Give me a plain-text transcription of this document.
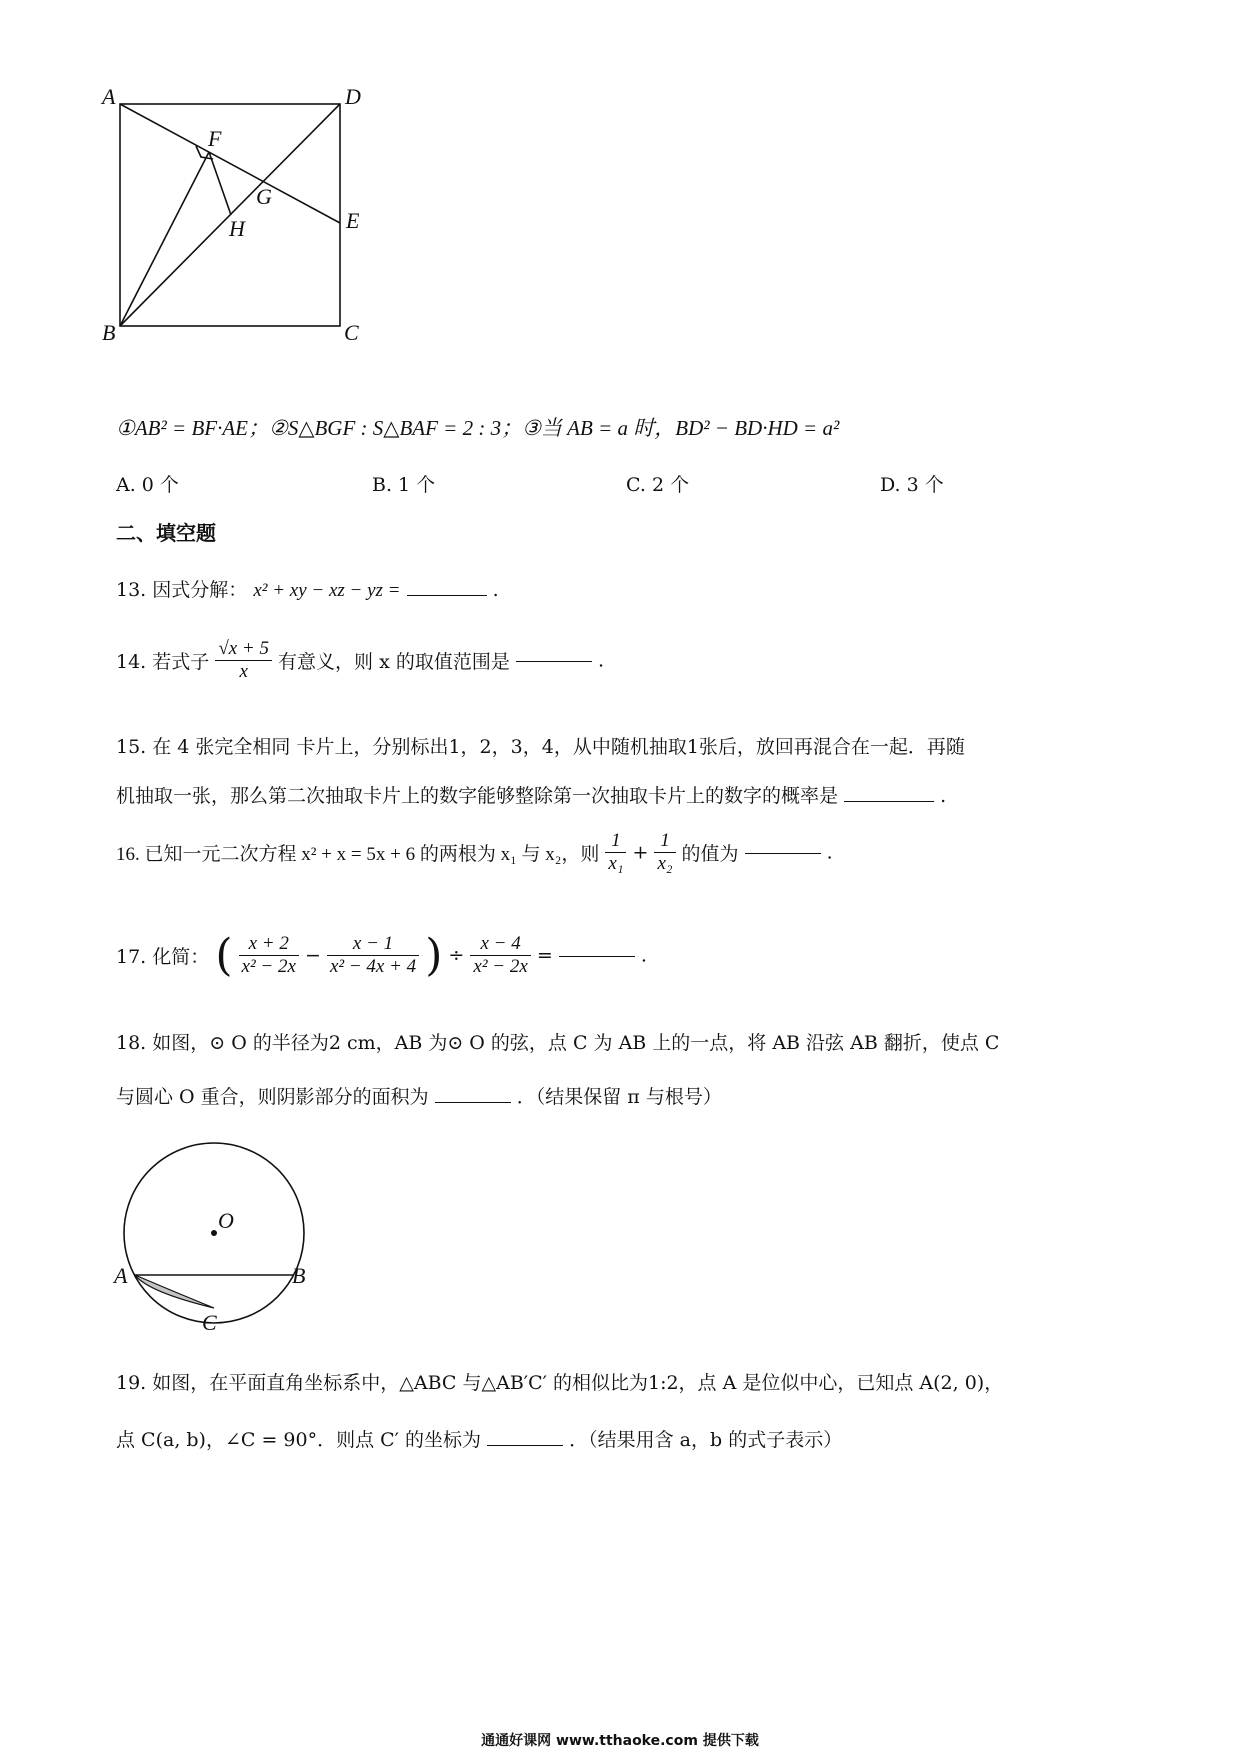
A	D
F
G
E
H
B	C
①AB² = BF·AE；②S△BGF : S△BAF = 2 : 3；③当 AB = a 时，BD² − BD·HD = a²
A. 0 个	B. 1 个	C. 2 个	D. 3 个
二、填空题
13. 因式分解： x² + xy − xz − yz =	.
14. 若式子 $\frac{√x + 5}{x}$ 有意义，则 x 的取值范围是	.
15. 在 4 张完全相同 卡片上，分别标出1，2，3，4，从中随机抽取1张后，放回再混合在一起．再随
机抽取一张，那么第二次抽取卡片上的数字能够整除第一次抽取卡片上的数字的概率是	.
16. 已知一元二次方程 x² + x = 5x + 6 的两根为 x₁ 与 x₂，则 $\frac{1}{\text{x₁}} + \frac{1}{\text{x₂}}$ 的值为	.
17. 化简： ( $\frac{x + 2}{\text{x² − 2x}} - \frac{x - 1}{\text{x² − 4x + 4}}$ ) ÷ $\frac{x - 4}{\text{x² − 2x}}$ =	.
18. 如图，⊙ O 的半径为2 cm，AB 为⊙ O 的弦，点 C 为 AB 上的一点，将 AB 沿弦 AB 翻折，使点 C
与圆心 O 重合，则阴影部分的面积为	．（结果保留 π 与根号）
O
A	B
C
19. 如图，在平面直角坐标系中，△ABC 与△AB′C′ 的相似比为1:2，点 A 是位似中心，已知点 A(2, 0)，
点 C(a, b)，∠C = 90°．则点 C′ 的坐标为	．（结果用含 a，b 的式子表示）
通通好课网 www.tthaoke.com 提供下载
